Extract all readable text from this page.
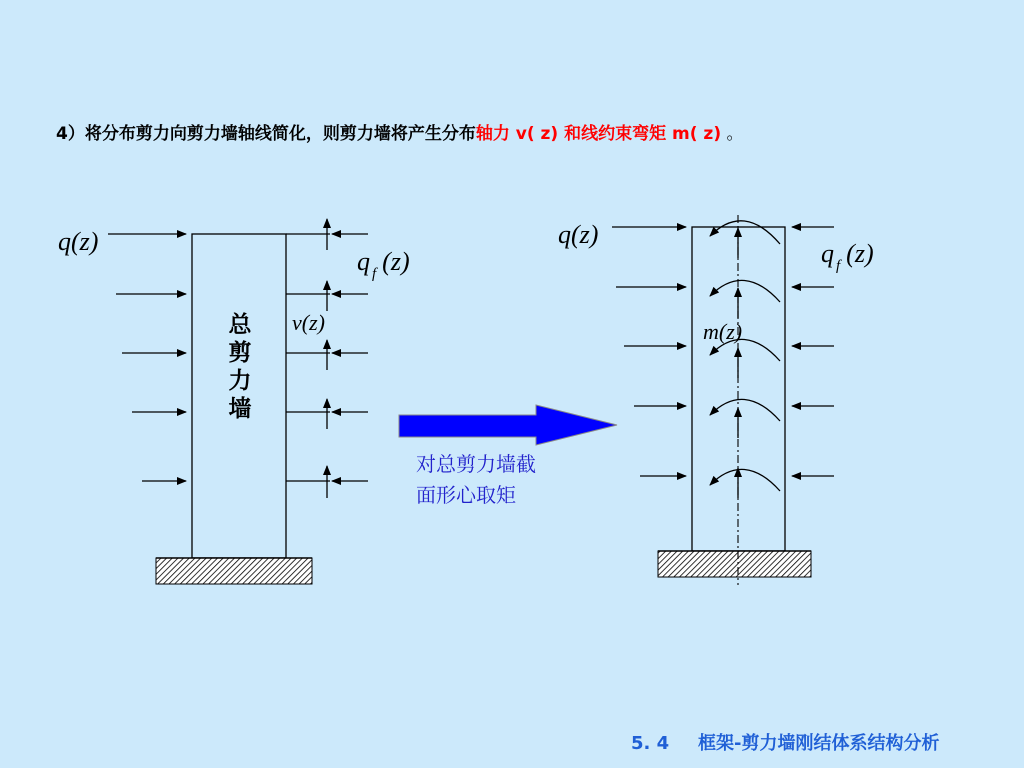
4）将分布剪力向剪力墙轴线简化，则剪力墙将产生分布轴力 v( z) 和线约束弯矩 m( z) 。
q(z)
q $_f$ (z)
v(z)
总
剪
力
墙
对总剪力墙截
面形心取矩
q(z)
q $_f$ (z)
m(z)
5. 4 框架-剪力墙刚结体系结构分析
